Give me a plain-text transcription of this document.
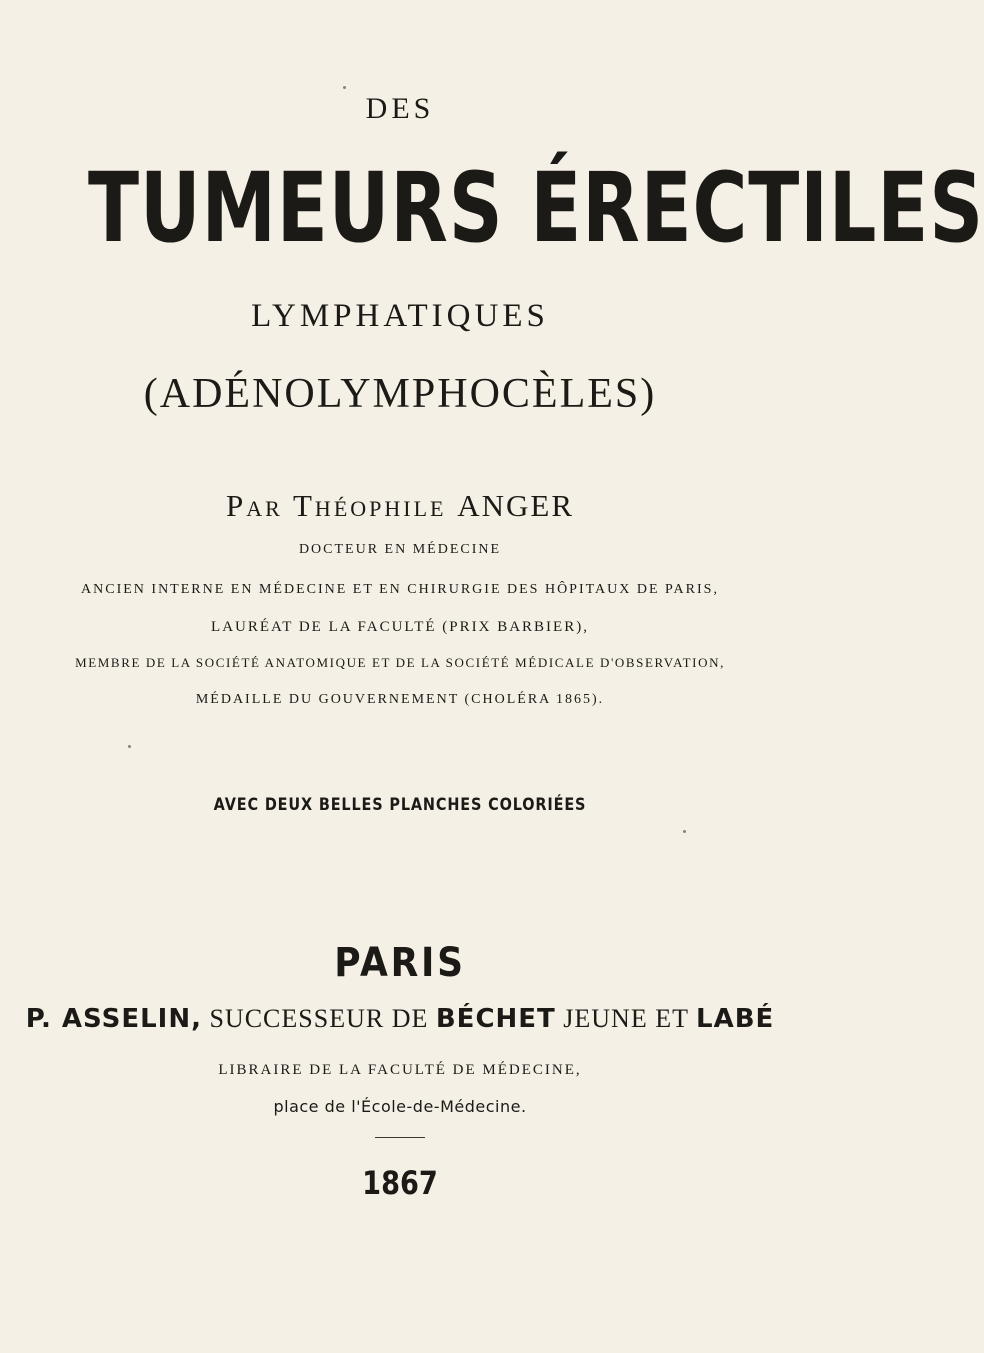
DES
TUMEURS ÉRECTILES
LYMPHATIQUES
(ADÉNOLYMPHOCÈLES)
Par Théophile ANGER
DOCTEUR EN MÉDECINE
ANCIEN INTERNE EN MÉDECINE ET EN CHIRURGIE DES HÔPITAUX DE PARIS,
LAURÉAT DE LA FACULTÉ (PRIX BARBIER),
MEMBRE DE LA SOCIÉTÉ ANATOMIQUE ET DE LA SOCIÉTÉ MÉDICALE D'OBSERVATION,
MÉDAILLE DU GOUVERNEMENT (CHOLÉRA 1865).
AVEC DEUX BELLES PLANCHES COLORIÉES
PARIS
P. ASSELIN, SUCCESSEUR DE BÉCHET JEUNE ET LABÉ
LIBRAIRE DE LA FACULTÉ DE MÉDECINE,
place de l'École-de-Médecine.
1867
